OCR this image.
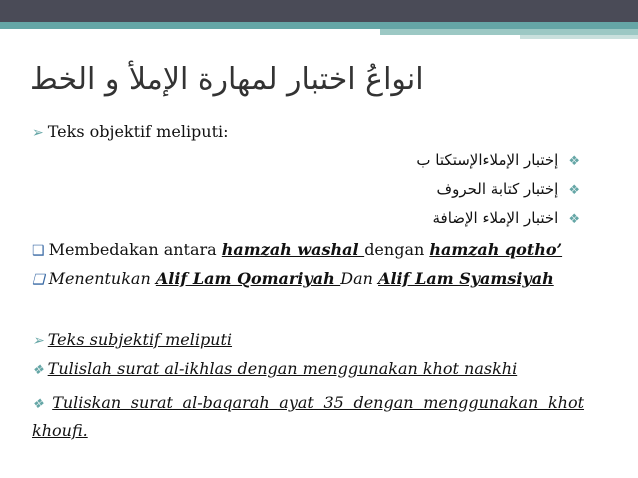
انواعُ اختبار لمهارة الإملأ و الخط
➢ Teks objektif meliputi:
❖إختبار الإملاءالإستكتا ب
❖إختبار كتابة الحروف
❖اختبار الإملاء الإضافة
❑ Membedakan antara hamzah washal dengan hamzah qotho’
❑ Menentukan Alif Lam Qomariyah Dan Alif Lam Syamsiyah
➢ Teks subjektif meliputi
❖ Tulislah surat al-ikhlas dengan menggunakan khot naskhi
❖ Tuliskan surat al-baqarah ayat 35 dengan menggunakan khot khoufi.
